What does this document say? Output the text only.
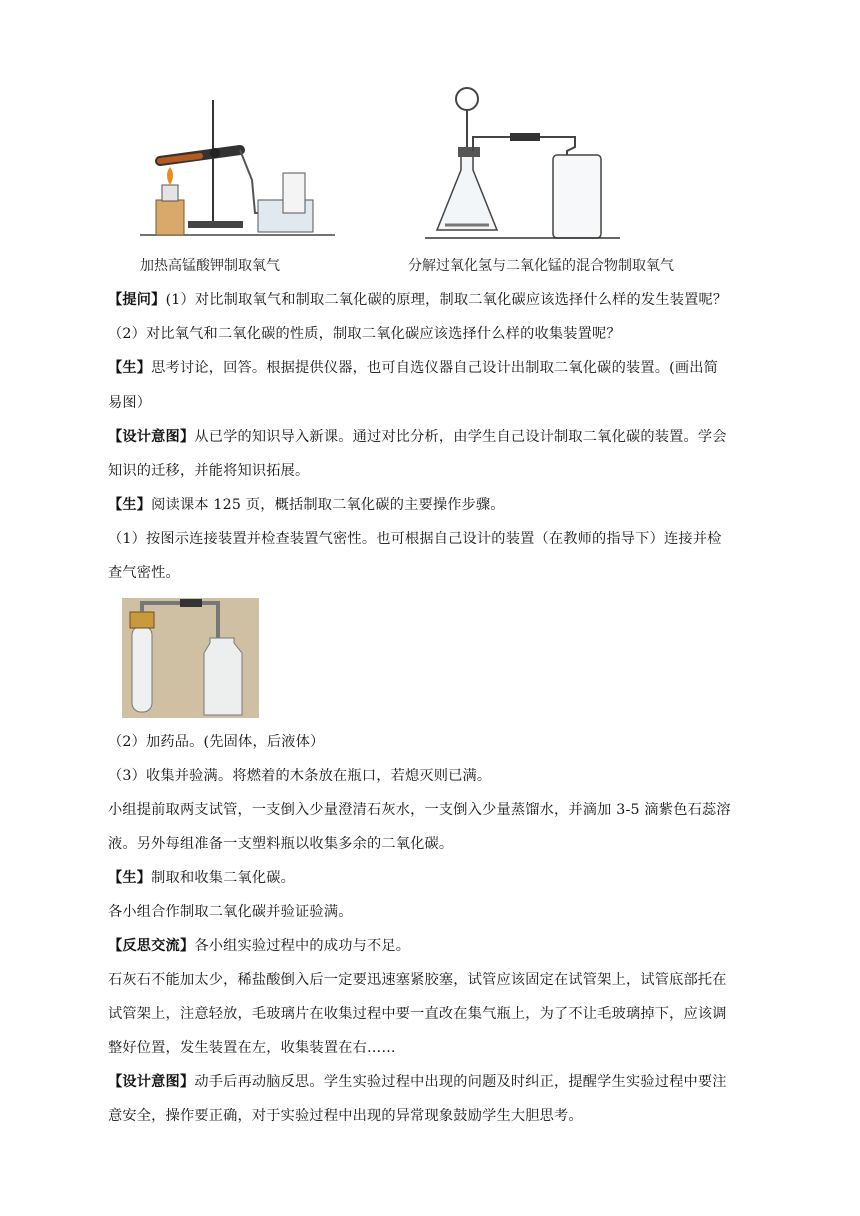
加热高锰酸钾制取氧气	分解过氧化氢与二氧化锰的混合物制取氧气
【提问】(1）对比制取氧气和制取二氧化碳的原理，制取二氧化碳应该选择什么样的发生装置呢？
（2）对比氧气和二氧化碳的性质，制取二氧化碳应该选择什么样的收集装置呢？
【生】思考讨论，回答。根据提供仪器，也可自选仪器自己设计出制取二氧化碳的装置。(画出简
易图）
【设计意图】从已学的知识导入新课。通过对比分析，由学生自己设计制取二氧化碳的装置。学会
知识的迁移，并能将知识拓展。
【生】阅读课本 125 页，概括制取二氧化碳的主要操作步骤。
（1）按图示连接装置并检查装置气密性。也可根据自己设计的装置（在教师的指导下）连接并检
查气密性。
（2）加药品。(先固体，后液体）
（3）收集并验满。将燃着的木条放在瓶口，若熄灭则已满。
小组提前取两支试管，一支倒入少量澄清石灰水，一支倒入少量蒸馏水，并滴加 3-5 滴紫色石蕊溶
液。另外每组准备一支塑料瓶以收集多余的二氧化碳。
【生】制取和收集二氧化碳。
各小组合作制取二氧化碳并验证验满。
【反思交流】各小组实验过程中的成功与不足。
石灰石不能加太少，稀盐酸倒入后一定要迅速塞紧胶塞，试管应该固定在试管架上，试管底部托在
试管架上，注意轻放，毛玻璃片在收集过程中要一直改在集气瓶上，为了不让毛玻璃掉下，应该调
整好位置，发生装置在左，收集装置在右……
【设计意图】动手后再动脑反思。学生实验过程中出现的问题及时纠正，提醒学生实验过程中要注
意安全，操作要正确，对于实验过程中出现的异常现象鼓励学生大胆思考。
